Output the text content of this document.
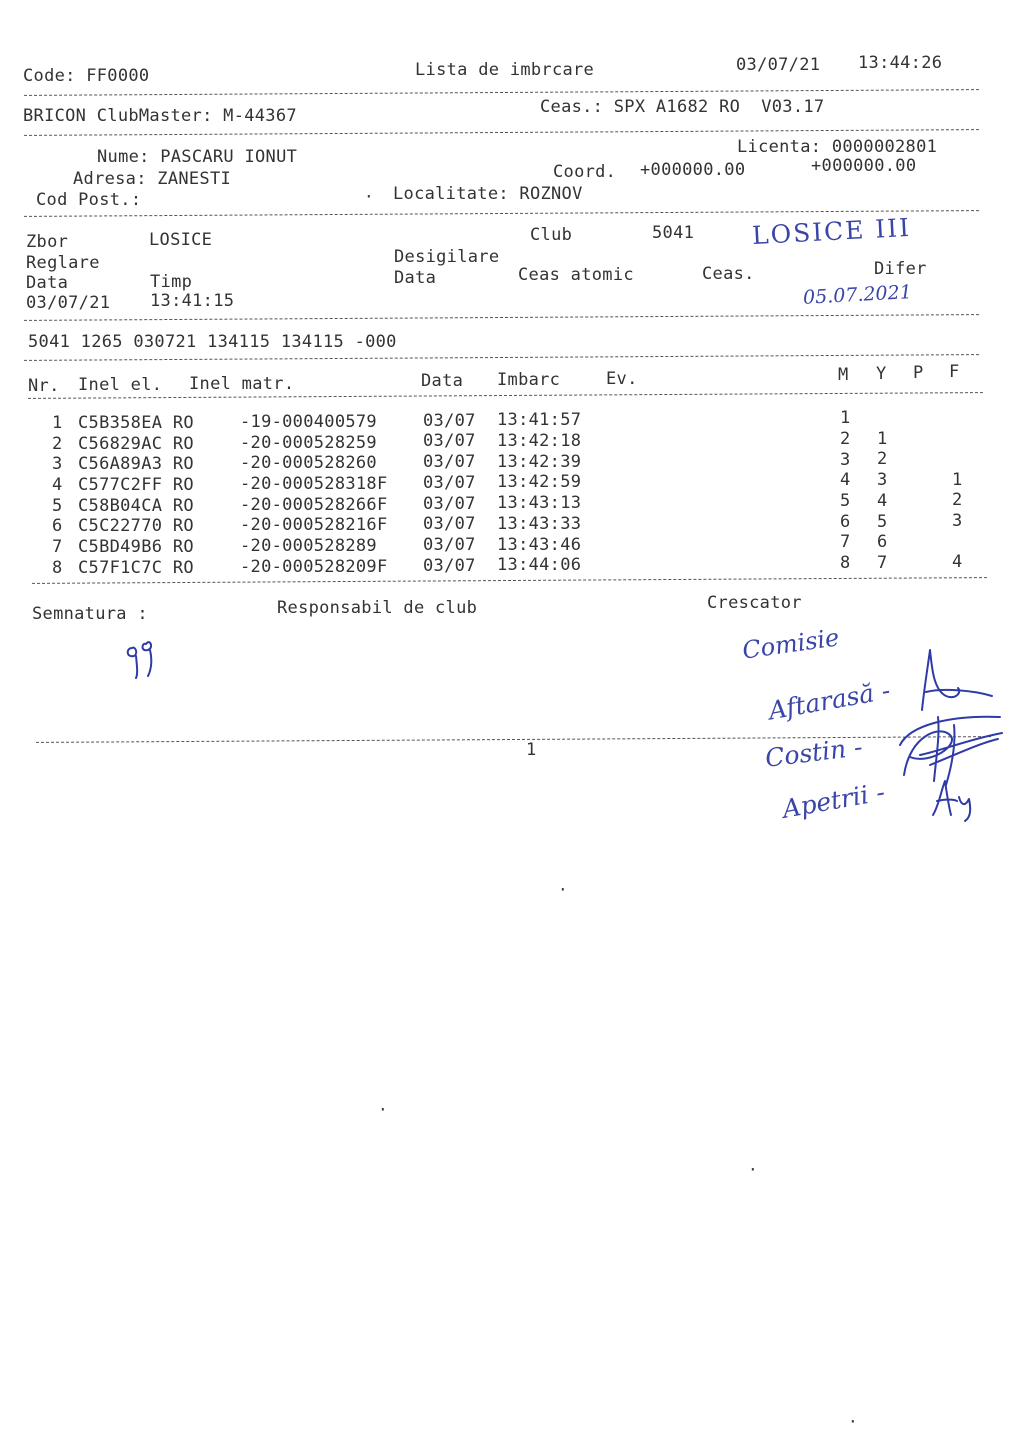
Code: FF0000	Lista de imbrcare	03/07/21 13:44:26
BRICON ClubMaster: M-44367	Ceas.: SPX A1682 RO  V03.17
Licenta: 0000002801
Nume: PASCARU IONUT
Coord. +000000.00	+000000.00
Adresa: ZANESTI
Cod Post.:	Localitate: ROZNOV
Zbor	LOSICE	Club	5041
Reglare	Desigilare
Data	Timp	Data	Ceas atomic	Ceas.	Difer
03/07/21 13:41:15
5041 1265 030721 134115 134115 -000
Nr. Inel el. Inel matr.	Data Imbarc	Ev.	M Y P F
1 C5B358EA RO	-19-000400579	03/07 13:41:57	1
2 C56829AC RO	-20-000528259	03/07 13:42:18	2 1
3 C56A89A3 RO	-20-000528260	03/07 13:42:39	3 2
4 C577C2FF RO	-20-000528318F 03/07 13:42:59	4 3	1
5 C58B04CA RO	-20-000528266F 03/07 13:43:13	5 4	2
6 C5C22770 RO	-20-000528216F 03/07 13:43:33	6 5	3
7 C5BD49B6 RO	-20-000528289	03/07 13:43:46	7 6
8 C57F1C7C RO	-20-000528209F 03/07 13:44:06	8 7	4
Semnatura :	Responsabil de club	Crescator
1
LOSICE III
05.07.2021
Comisie
Aftarasă -
Costin -
Apetrii -
·
·
·
·
·
